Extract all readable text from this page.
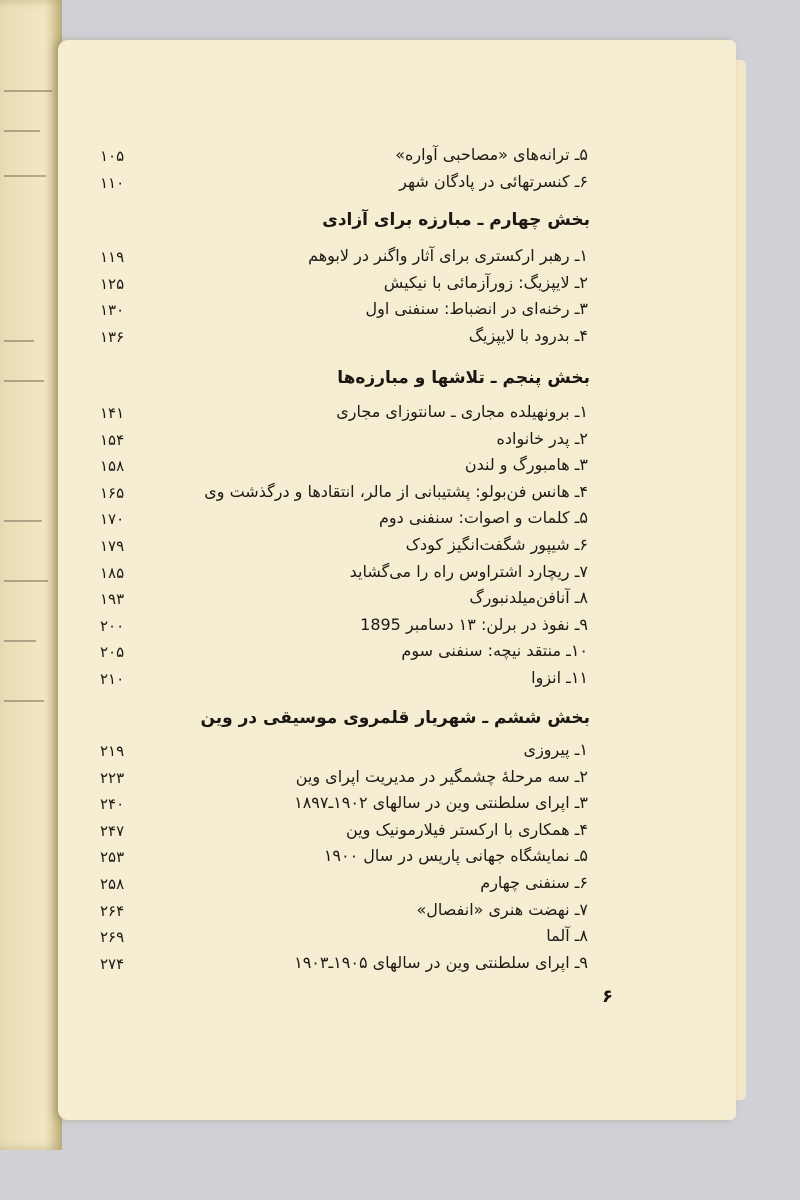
۵ـ ترانه‌های «مصاحبی آواره»
۱۰۵
۶ـ کنسرتهائی در پادگان شهر
۱۱۰
بخش چهارم ـ مبارزه برای آزادی
۱ـ رهبر ارکستری برای آثار واگنر در لابوهم
۱۱۹
۲ـ لایپزیگ: زورآزمائی با نیکیش
۱۲۵
۳ـ رخنه‌ای در انضباط: سنفنی اول
۱۳۰
۴ـ بدرود با لایپزیگ
۱۳۶
بخش پنجم ـ تلاشها و مبارزه‌ها
۱ـ برونهیلده مجاری ـ سانتوزای مجاری
۱۴۱
۲ـ پدر خانواده
۱۵۴
۳ـ هامبورگ و لندن
۱۵۸
۴ـ هانس فن‌بولو: پشتیبانی از مالر، انتقادها و درگذشت وی
۱۶۵
۵ـ کلمات و اصوات: سنفنی دوم
۱۷۰
۶ـ شیپور شگفت‌انگیز کودک
۱۷۹
۷ـ ریچارد اشتراوس راه را می‌گشاید
۱۸۵
۸ـ آنافن‌میلدنبورگ
۱۹۳
۹ـ نفوذ در برلن: ۱۳ دسامبر 1895
۲۰۰
۱۰ـ منتقد نیچه: سنفنی سوم
۲۰۵
۱۱ـ انزوا
۲۱۰
بخش ششم ـ شهریار قلمروی موسیقی در وین
۱ـ پیروزی
۲۱۹
۲ـ سه مرحلهٔ چشمگیر در مدیریت اپرای وین
۲۲۳
۳ـ اپرای سلطنتی وین در سالهای ۱۹۰۲ـ۱۸۹۷
۲۴۰
۴ـ همکاری با ارکستر فیلارمونیک وین
۲۴۷
۵ـ نمایشگاه جهانی پاریس در سال ۱۹۰۰
۲۵۳
۶ـ سنفنی چهارم
۲۵۸
۷ـ نهضت هنری «انفصال»
۲۶۴
۸ـ آلما
۲۶۹
۹ـ اپرای سلطنتی وین در سالهای ۱۹۰۵ـ۱۹۰۳
۲۷۴
۶
